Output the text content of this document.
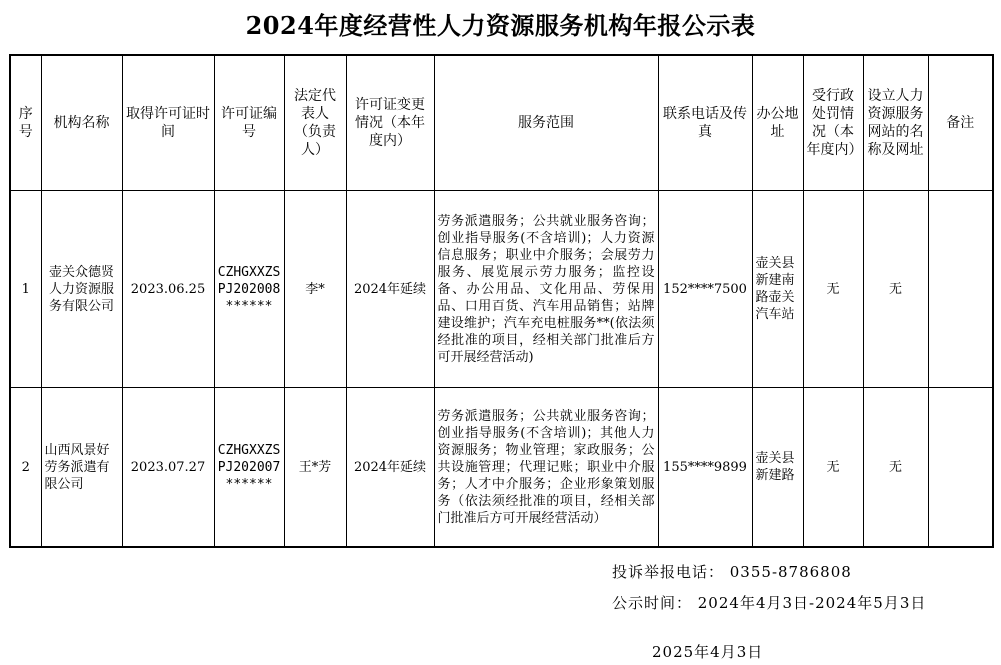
2024年度经营性人力资源服务机构年报公示表
序号	机构名称	取得许可证时间	许可证编号	法定代表人（负责人）	许可证变更情况（本年度内）	服务范围	联系电话及传真	办公地址	受行政处罚情况（本年度内）	设立人力资源服务网站的名称及网址	备注
1	壶关众德贤人力资源服务有限公司	2023.06.25	CZHGXXZSPJ202008******	李*	2024年延续	劳务派遣服务；公共就业服务咨询；创业指导服务(不含培训)；人力资源信息服务；职业中介服务；会展劳力服务、展览展示劳力服务；监控设备、办公用品、文化用品、劳保用品、口用百货、汽车用品销售；站牌建设维护；汽车充电桩服务**(依法须经批准的项目，经相关部门批准后方可开展经营活动)	152****7500	壶关县新建南路壶关汽车站	无	无	
2	山西风景好劳务派遣有限公司	2023.07.27	CZHGXXZSPJ202007******	王*芳	2024年延续	劳务派遣服务；公共就业服务咨询；创业指导服务(不含培训)；其他人力资源服务；物业管理；家政服务；公共设施管理；代理记账；职业中介服务；人才中介服务；企业形象策划服务（依法须经批准的项目，经相关部门批准后方可开展经营活动）	155****9899	壶关县新建路	无	无	
投诉举报电话： 0355-8786808
公示时间： 2024年4月3日-2024年5月3日
2025年4月3日
